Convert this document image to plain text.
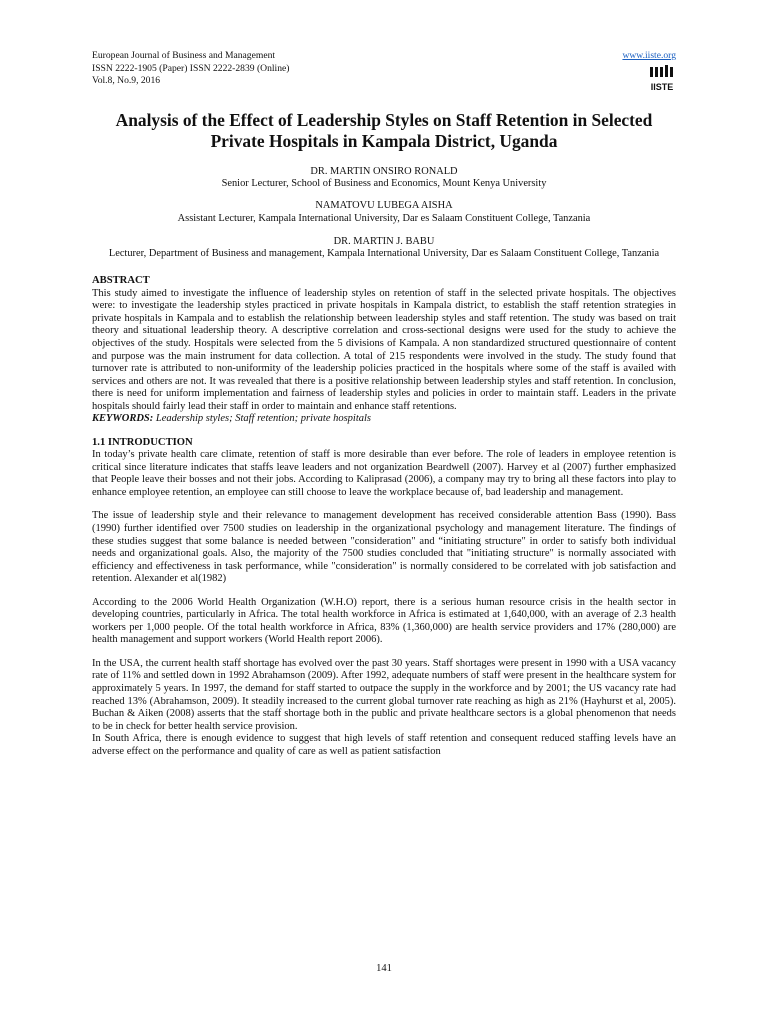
European Journal of Business and Management
ISSN 2222-1905 (Paper) ISSN 2222-2839 (Online)
Vol.8, No.9, 2016
www.iiste.org
IISTE
Analysis of the Effect of Leadership Styles on Staff Retention in Selected Private Hospitals in Kampala District, Uganda
DR. MARTIN ONSIRO RONALD
Senior Lecturer, School of Business and Economics, Mount Kenya University
NAMATOVU LUBEGA AISHA
Assistant Lecturer, Kampala International University, Dar es Salaam Constituent College, Tanzania
DR. MARTIN J. BABU
Lecturer, Department of Business and management, Kampala International University, Dar es Salaam Constituent College, Tanzania
ABSTRACT

This study aimed to investigate the influence of leadership styles on retention of staff in the selected private hospitals. The objectives were: to investigate the leadership styles practiced in private hospitals in Kampala district, to establish the staff retention strategies in private hospitals in Kampala and to establish the relationship between leadership styles and staff retention. The study was based on trait theory and situational leadership theory. A descriptive correlation and cross-sectional designs were used for the study to achieve the objectives of the study. Hospitals were selected from the 5 divisions of Kampala. A non standardized structured questionnaire of content and purpose was the main instrument for data collection. A total of 215 respondents were involved in the study. The study found that turnover rate is attributed to non-uniformity of the leadership policies practiced in the hospitals where some of the staff is availed with services and others are not. It was revealed that there is a positive relationship between leadership styles and staff retention. In conclusion, there is need for uniform implementation and fairness of leadership styles and policies in order to maintain staff. Leaders in the private hospitals should fairly lead their staff in order to maintain and enhance staff retentions.

KEYWORDS: Leadership styles; Staff retention; private hospitals
1.1 INTRODUCTION

In today’s private health care climate, retention of staff is more desirable than ever before. The role of leaders in employee retention is critical since literature indicates that staffs leave leaders and not organization Beardwell (2007). Harvey et al (2007) further emphasized that People leave their bosses and not their jobs. According to Kaliprasad (2006), a company may try to bring all these factors into play to enhance employee retention, an employee can still choose to leave the workplace because of, bad leadership and management.

The issue of leadership style and their relevance to management development has received considerable attention Bass (1990). Bass (1990) further identified over 7500 studies on leadership in the organizational psychology and management literature. The findings of these studies suggest that some balance is needed between "consideration" and “initiating structure" in order to satisfy both individual needs and organizational goals. Also, the majority of the 7500 studies concluded that "initiating structure" is normally associated with efficiency and effectiveness in task performance, while "consideration" is normally considered to be correlated with job satisfaction and retention. Alexander et al(1982)

According to the 2006 World Health Organization (W.H.O) report, there is a serious human resource crisis in the health sector in developing countries, particularly in Africa. The total health workforce in Africa is estimated at 1,640,000, with an average of 2.3 health workers per 1,000 people. Of the total health workforce in Africa, 83% (1,360,000) are health service providers and 17% (280,000) are health management and support workers (World Health report 2006).

In the USA, the current health staff shortage has evolved over the past 30 years. Staff shortages were present in 1990 with a USA vacancy rate of 11% and settled down in 1992 Abrahamson (2009). After 1992, adequate numbers of staff were present in the healthcare system for approximately 5 years. In 1997, the demand for staff started to outpace the supply in the workforce and by 2001; the US vacancy rate had reached 13% (Abrahamson, 2009). It steadily increased to the current global turnover rate reaching as high as 21% (Hayhurst et al, 2005). Buchan & Aiken (2008) asserts that the staff shortage both in the public and private healthcare sectors is a global phenomenon that needs to be in check for better health service provision.

In South Africa, there is enough evidence to suggest that high levels of staff retention and consequent reduced staffing levels have an adverse effect on the performance and quality of care as well as patient satisfaction

141
